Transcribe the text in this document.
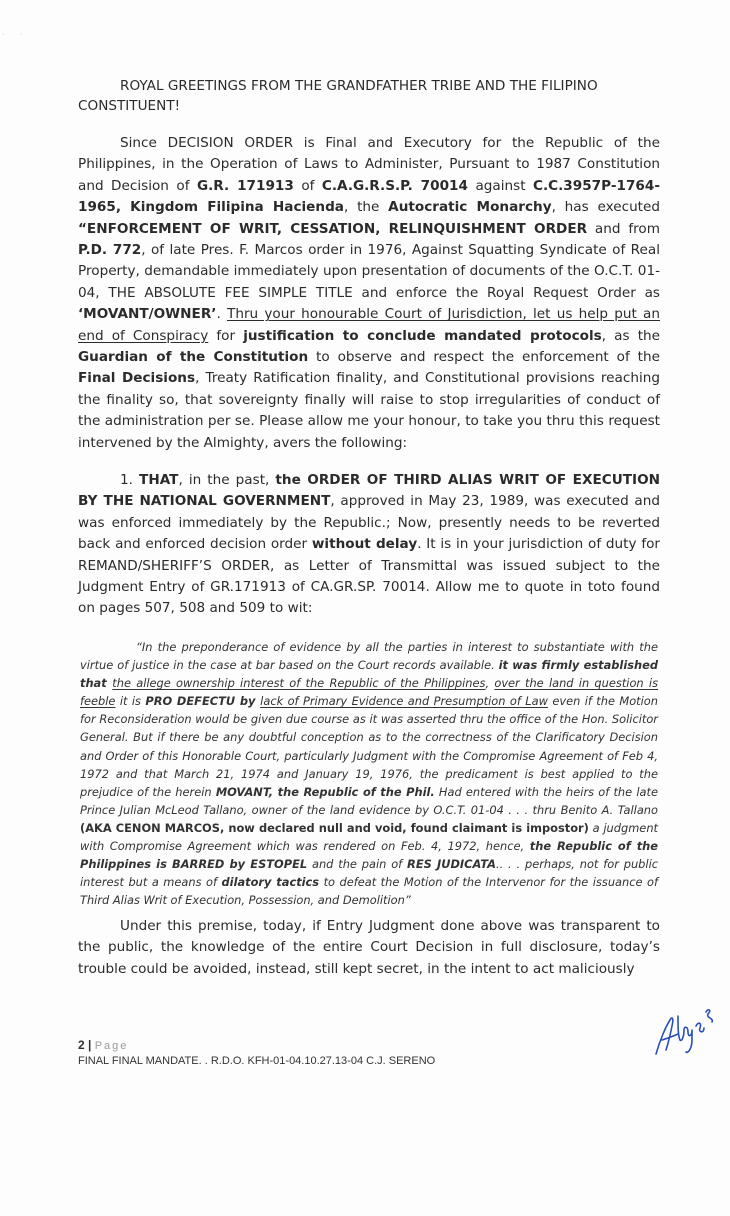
· ·
ROYAL GREETINGS FROM THE GRANDFATHER TRIBE AND THE FILIPINO
CONSTITUENT!
Since DECISION ORDER is Final and Executory for the Republic of the Philippines, in the Operation of Laws to Administer, Pursuant to 1987 Constitution and Decision of G.R. 171913 of C.A.G.R.S.P. 70014 against C.C.3957P-1764-1965, Kingdom Filipina Hacienda, the Autocratic Monarchy, has executed “ENFORCEMENT OF WRIT, CESSATION, RELINQUISHMENT ORDER and from P.D. 772, of late Pres. F. Marcos order in 1976, Against Squatting Syndicate of Real Property, demandable immediately upon presentation of documents of the O.C.T. 01-04, THE ABSOLUTE FEE SIMPLE TITLE and enforce the Royal Request Order as ‘MOVANT/OWNER’. Thru your honourable Court of Jurisdiction, let us help put an end of Conspiracy for justification to conclude mandated protocols, as the Guardian of the Constitution to observe and respect the enforcement of the Final Decisions, Treaty Ratification finality, and Constitutional provisions reaching the finality so, that sovereignty finally will raise to stop irregularities of conduct of the administration per se. Please allow me your honour, to take you thru this request intervened by the Almighty, avers the following:
1. THAT, in the past, the ORDER OF THIRD ALIAS WRIT OF EXECUTION BY THE NATIONAL GOVERNMENT, approved in May 23, 1989, was executed and was enforced immediately by the Republic.; Now, presently needs to be reverted back and enforced decision order without delay. It is in your jurisdiction of duty for REMAND/SHERIFF’S ORDER, as Letter of Transmittal was issued subject to the Judgment Entry of GR.171913 of CA.GR.SP. 70014. Allow me to quote in toto found on pages 507, 508 and 509 to wit:
“In the preponderance of evidence by all the parties in interest to substantiate with the virtue of justice in the case at bar based on the Court records available. it was firmly established that the allege ownership interest of the Republic of the Philippines, over the land in question is feeble it is PRO DEFECTU by lack of Primary Evidence and Presumption of Law even if the Motion for Reconsideration would be given due course as it was asserted thru the office of the Hon. Solicitor General. But if there be any doubtful conception as to the correctness of the Clarificatory Decision and Order of this Honorable Court, particularly Judgment with the Compromise Agreement of Feb 4, 1972 and that March 21, 1974 and January 19, 1976, the predicament is best applied to the prejudice of the herein MOVANT, the Republic of the Phil. Had entered with the heirs of the late Prince Julian McLeod Tallano, owner of the land evidence by O.C.T. 01-04 . . . thru Benito A. Tallano (AKA CENON MARCOS, now declared null and void, found claimant is impostor) a judgment with Compromise Agreement which was rendered on Feb. 4, 1972, hence, the Republic of the Philippines is BARRED by ESTOPEL and the pain of RES JUDICATA.. . . perhaps, not for public interest but a means of dilatory tactics to defeat the Motion of the Intervenor for the issuance of Third Alias Writ of Execution, Possession, and Demolition”
Under this premise, today, if Entry Judgment done above was transparent to the public, the knowledge of the entire Court Decision in full disclosure, today’s trouble could be avoided, instead, still kept secret, in the intent to act maliciously
2 | Page
FINAL FINAL MANDATE. . R.D.O. KFH-01-04.10.27.13-04 C.J. SERENO
